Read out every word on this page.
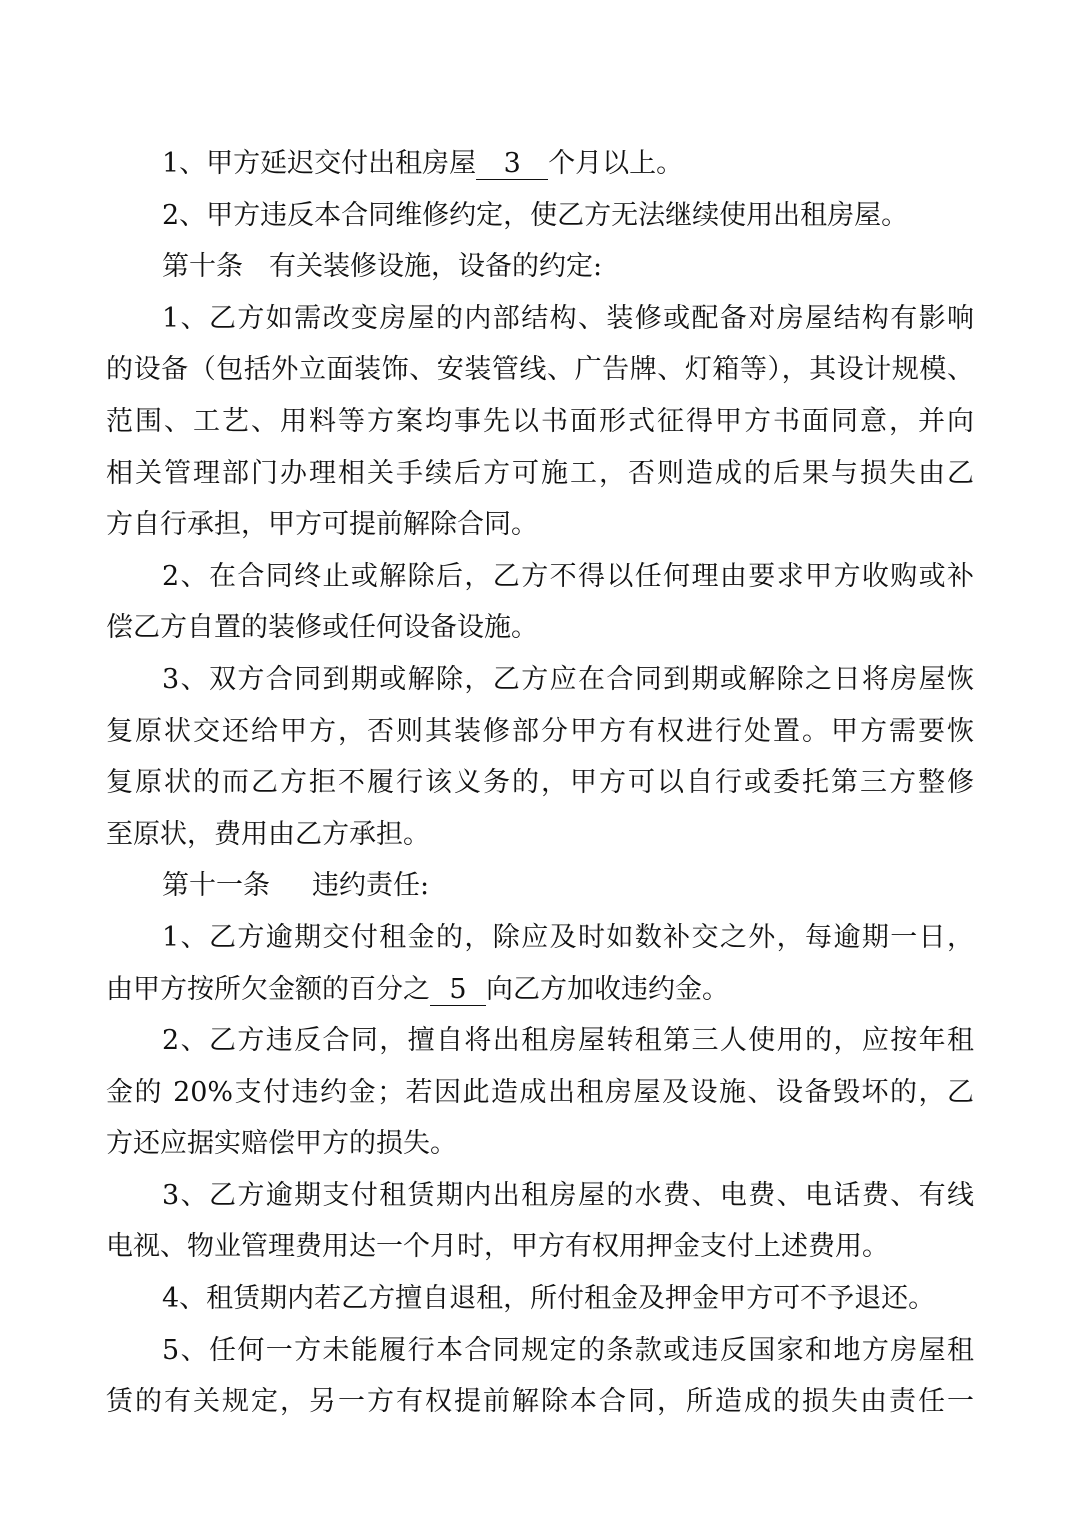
1、甲方延迟交付出租房屋 3 个月以上。
2、甲方违反本合同维修约定，使乙方无法继续使用出租房屋。
第十条 有关装修设施，设备的约定:
1、乙方如需改变房屋的内部结构、装修或配备对房屋结构有影响
的设备（包括外立面装饰、安装管线、广告牌、灯箱等），其设计规模、
范围、工艺、用料等方案均事先以书面形式征得甲方书面同意，并向
相关管理部门办理相关手续后方可施工，否则造成的后果与损失由乙
方自行承担，甲方可提前解除合同。
2、在合同终止或解除后，乙方不得以任何理由要求甲方收购或补
偿乙方自置的装修或任何设备设施。
3、双方合同到期或解除，乙方应在合同到期或解除之日将房屋恢
复原状交还给甲方，否则其装修部分甲方有权进行处置。甲方需要恢
复原状的而乙方拒不履行该义务的，甲方可以自行或委托第三方整修
至原状，费用由乙方承担。
第十一条 违约责任:
1、乙方逾期交付租金的，除应及时如数补交之外，每逾期一日，
由甲方按所欠金额的百分之 5 向乙方加收违约金。
2、乙方违反合同，擅自将出租房屋转租第三人使用的，应按年租
金的 20%支付违约金；若因此造成出租房屋及设施、设备毁坏的，乙
方还应据实赔偿甲方的损失。
3、乙方逾期支付租赁期内出租房屋的水费、电费、电话费、有线
电视、物业管理费用达一个月时，甲方有权用押金支付上述费用。
4、租赁期内若乙方擅自退租，所付租金及押金甲方可不予退还。
5、任何一方未能履行本合同规定的条款或违反国家和地方房屋租
赁的有关规定，另一方有权提前解除本合同，所造成的损失由责任一
